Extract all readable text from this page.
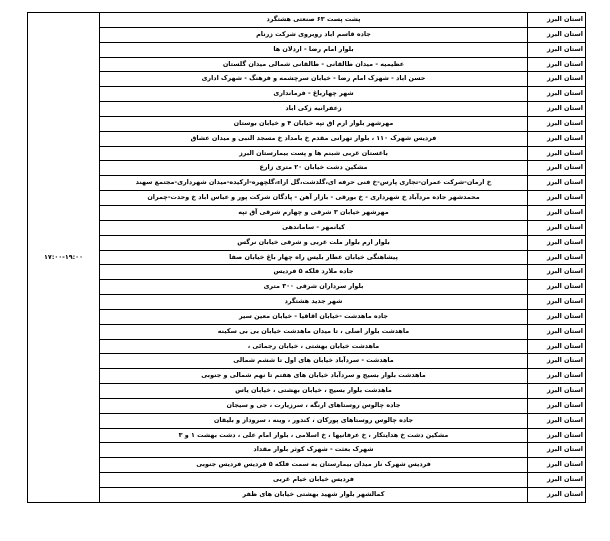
استان البرز	پشت پست ۶۳ صنعتی هشتگرد	۱۷:۰۰-۱۹:۰۰
استان البرز	جاده قاسم اباد روبروی شرکت زرنام	
استان البرز	بلوار امام رضا - اردلان ها	
استان البرز	عظیمیه - میدان طالقانی - طالقانی شمالی میدان گلستان	
استان البرز	حسن اباد - شهرک امام رضا - خیابان سرچشمه و فرهنگ - شهرک اداری	
استان البرز	شهر چهارباغ - فرمانداری	
استان البرز	زعفرانیه زکی اباد	
استان البرز	مهرشهر بلوار ارم اق تپه خیابان ۴ و خیابان بوستان	
استان البرز	فردیس شهرک ۱۱۰ ، بلوار تهرانی مقدم خ بامداد خ مسجد النبی و میدان عشاق	
استان البرز	باغستان غربی شبنم ها و پست بیمارستان البرز	
استان البرز	مشکین دشت خیابان ۲۰ متری زارع	
استان البرز	خ ارمان-شرکت عمران-تجاری پارس-خ فنی حرفه ای،گلدشت،گل اراء،گلچهره-ارکیده-میدان شهرداری-مجتمع سهند	
استان البرز	محمدشهر جاده مردآباد خ شهرداری - خ بورقی - بازار آهن - پادگان شرکت پور و عباس اباد خ وحدت-چمران	
استان البرز	مهرشهر خیابان ۳ شرقی و چهارم شرقی آق تپه	
استان البرز	کیانمهر - ساماندهی	
استان البرز	بلوار ارم بلوار ملت غربی و شرقی خیابان نرگس	
استان البرز	پیشاهنگی خیابان عطار بلیس راه چهار باغ خیابان صفا	
استان البرز	جاده ملارد فلکه ۵ فردیس	
استان البرز	بلوار سرداران شرقی ۳۰۰ متری	
استان البرز	شهر جدید هشتگرد	
استان البرز	جاده ماهدشت -خیابان اقاقیا - خیابان معین سیر	
استان البرز	ماهدشت بلوار اصلی ، تا میدان ماهدشت خیابان بی بی سکینه	
استان البرز	ماهدشت خیابان بهشتی ، خیابان رجمائی ،	
استان البرز	ماهدشت - سردآباد خیابان های اول تا ششم شمالی	
استان البرز	ماهدشت بلوار بسیج و سردآباد خیابان های هفتم تا نهم شمالی و جنوبی	
استان البرز	ماهدشت بلوار بسیج ، خیابان بهشتی ، خیابان یاس	
استان البرز	جاده چالوس روستاهای ارنگه ، سرزیارت ، جی و سیجان	
استان البرز	جاده چالوس روستاهای پورکان ، کندور ، وینه ، سروداز و بلیقان	
استان البرز	مشکین دشت خ هدایتکار ، خ عرفانیها ، خ اسلامی ، بلوار امام علی ، دشت بهشت ۱ و ۳	
استان البرز	شهرک بعثت - شهرک کوثر بلوار مقداد	
استان البرز	فردیس شهرک ناز میدان بیمارستان به سمت فلکه ۵ فردیس فردیس جنوبی	
استان البرز	فردیس خیابان خیام غربی	
استان البرز	کمالشهر بلوار شهید بهشتی خیابان های ظفر	
